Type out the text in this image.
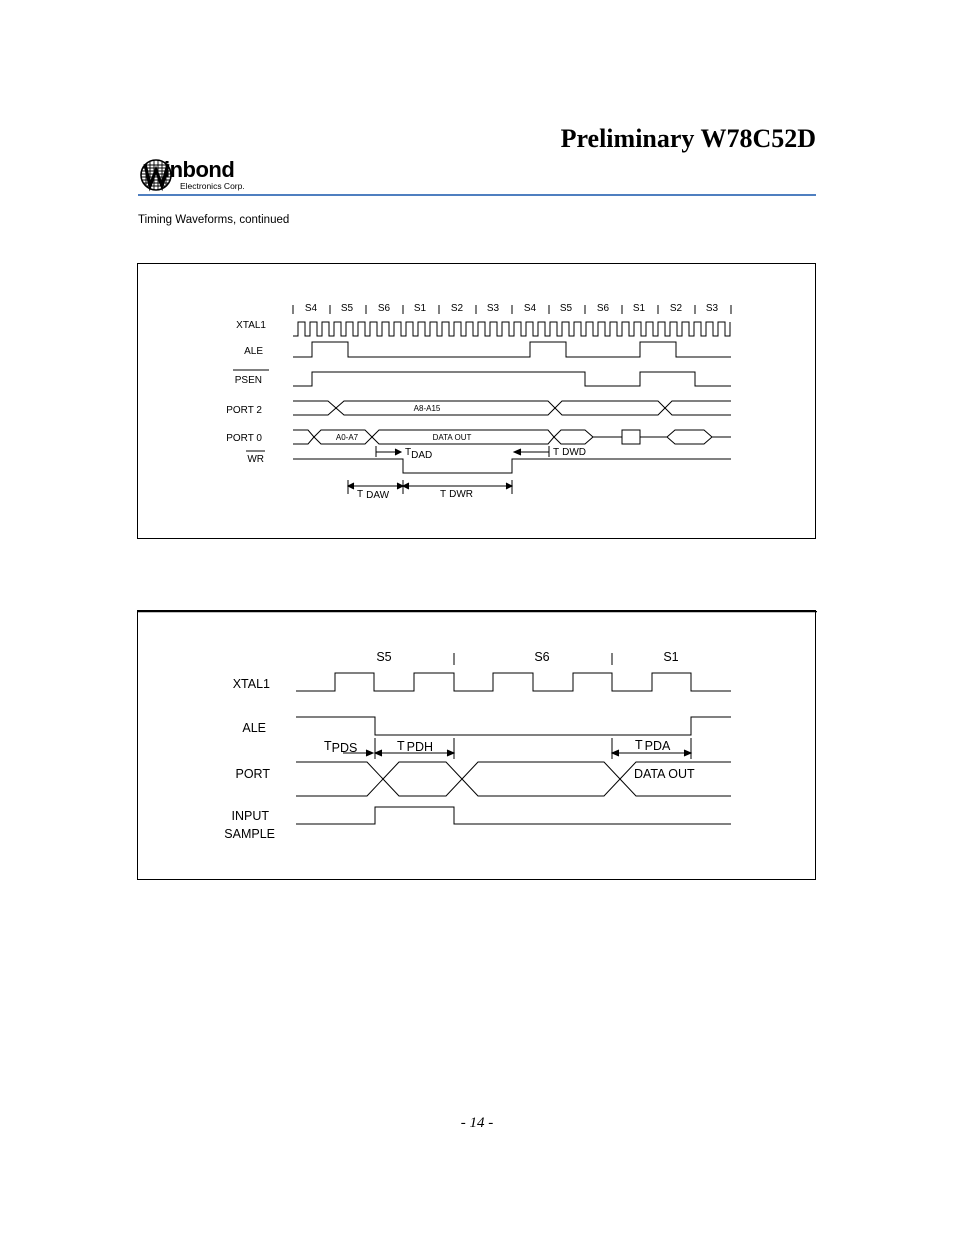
Preliminary W78C52D
inbond
Electronics Corp.
Timing Waveforms, continued
S4 S5 S6 S1 S2 S3 S4 S5 S6 S1 S2 S3
XTAL1
ALE
PSEN
PORT 2
PORT 0
WR
A8-A15
A0-A7	DATA OUT
TDAD	T DWD
T DAW	T DWR
S5	S6	S1
XTAL1
ALE
PORT
INPUT
SAMPLE
DATA OUT
TPDS	T PDH	T PDA
- 14 -
